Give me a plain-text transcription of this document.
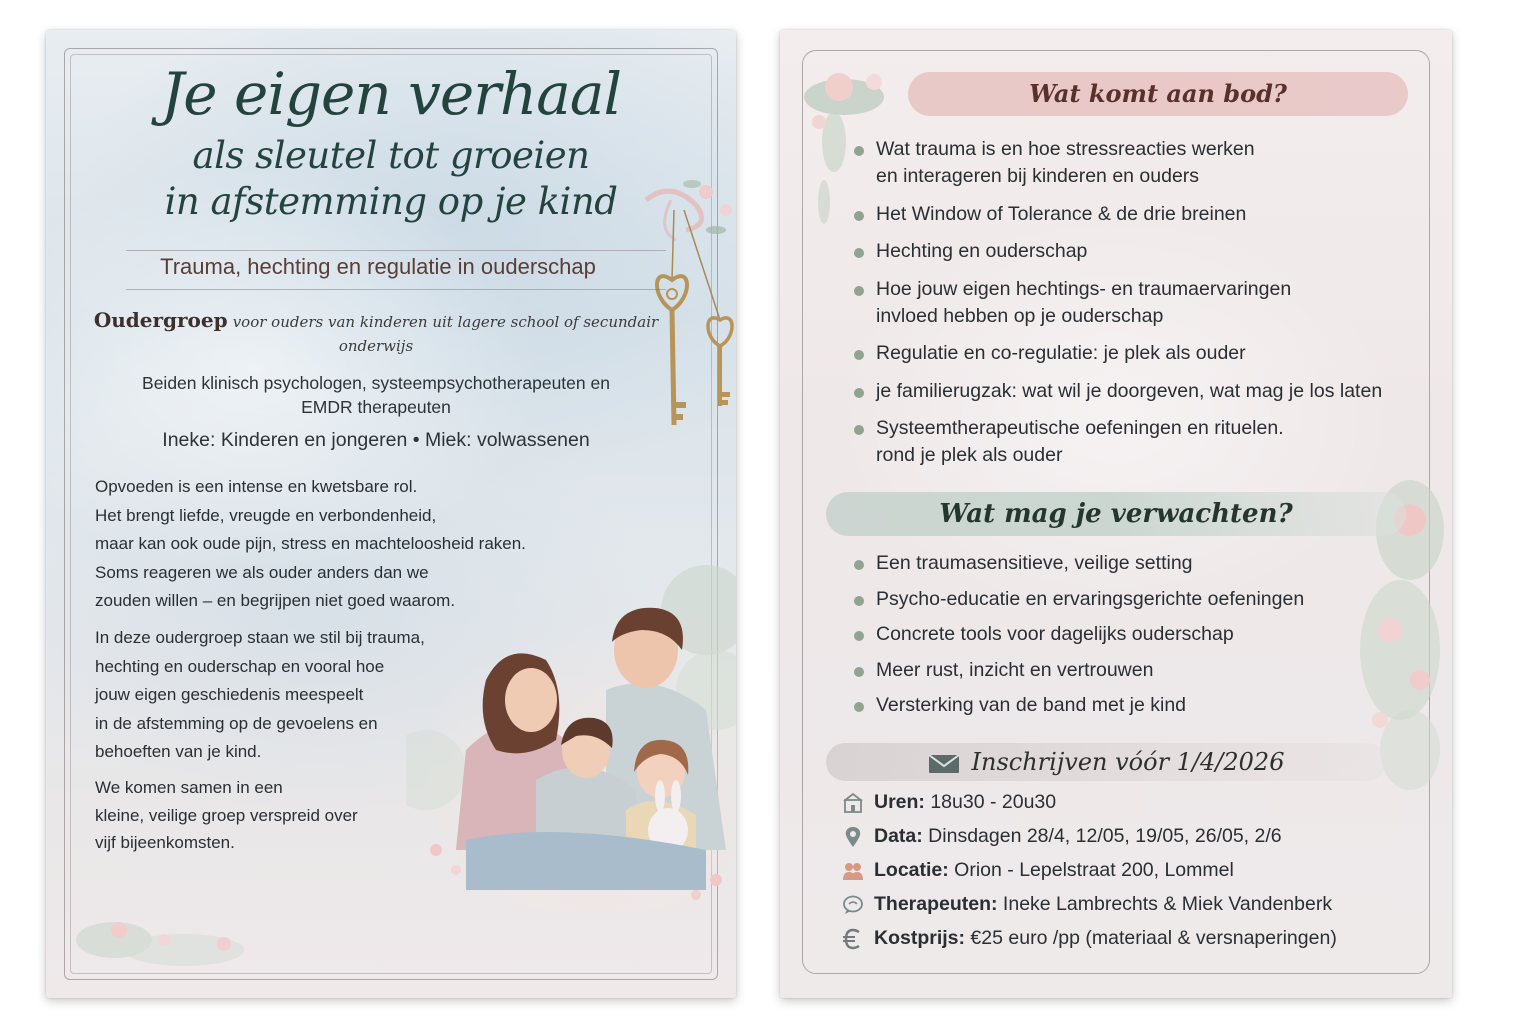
Je eigen verhaal
als sleutel tot groeien
in afstemming op je kind
Trauma, hechting en regulatie in ouderschap
Oudergroep voor ouders van kinderen uit lagere school of secundair onderwijs
Beiden klinisch psychologen, systeempsychotherapeuten en
EMDR therapeuten
Ineke: Kinderen en jongeren • Miek: volwassenen
Opvoeden is een intense en kwetsbare rol.
Het brengt liefde, vreugde en verbondenheid,
maar kan ook oude pijn, stress en machteloosheid raken.
Soms reageren we als ouder anders dan we
zouden willen – en begrijpen niet goed waarom.
In deze oudergroep staan we stil bij trauma,
hechting en ouderschap en vooral hoe
jouw eigen geschiedenis meespeelt
in de afstemming op de gevoelens en
behoeften van je kind.
We komen samen in een
kleine, veilige groep verspreid over
vijf bijeenkomsten.
Wat komt aan bod?
Wat trauma is en hoe stressreacties werken
en interageren bij kinderen en ouders
Het Window of Tolerance & de drie breinen
Hechting en ouderschap
Hoe jouw eigen hechtings- en traumaervaringen
invloed hebben op je ouderschap
Regulatie en co-regulatie: je plek als ouder
je familierugzak: wat wil je doorgeven, wat mag je los laten
Systeemtherapeutische oefeningen en rituelen.
rond je plek als ouder
Wat mag je verwachten?
Een traumasensitieve, veilige setting
Psycho-educatie en ervaringsgerichte oefeningen
Concrete tools voor dagelijks ouderschap
Meer rust, inzicht en vertrouwen
Versterking van de band met je kind
Inschrijven vóór 1/4/2026
Uren: 18u30 - 20u30
Data: Dinsdagen 28/4, 12/05, 19/05, 26/05, 2/6
Locatie: Orion - Lepelstraat 200, Lommel
Therapeuten: Ineke Lambrechts & Miek Vandenberk
Kostprijs: €25 euro /pp (materiaal & versnaperingen)
